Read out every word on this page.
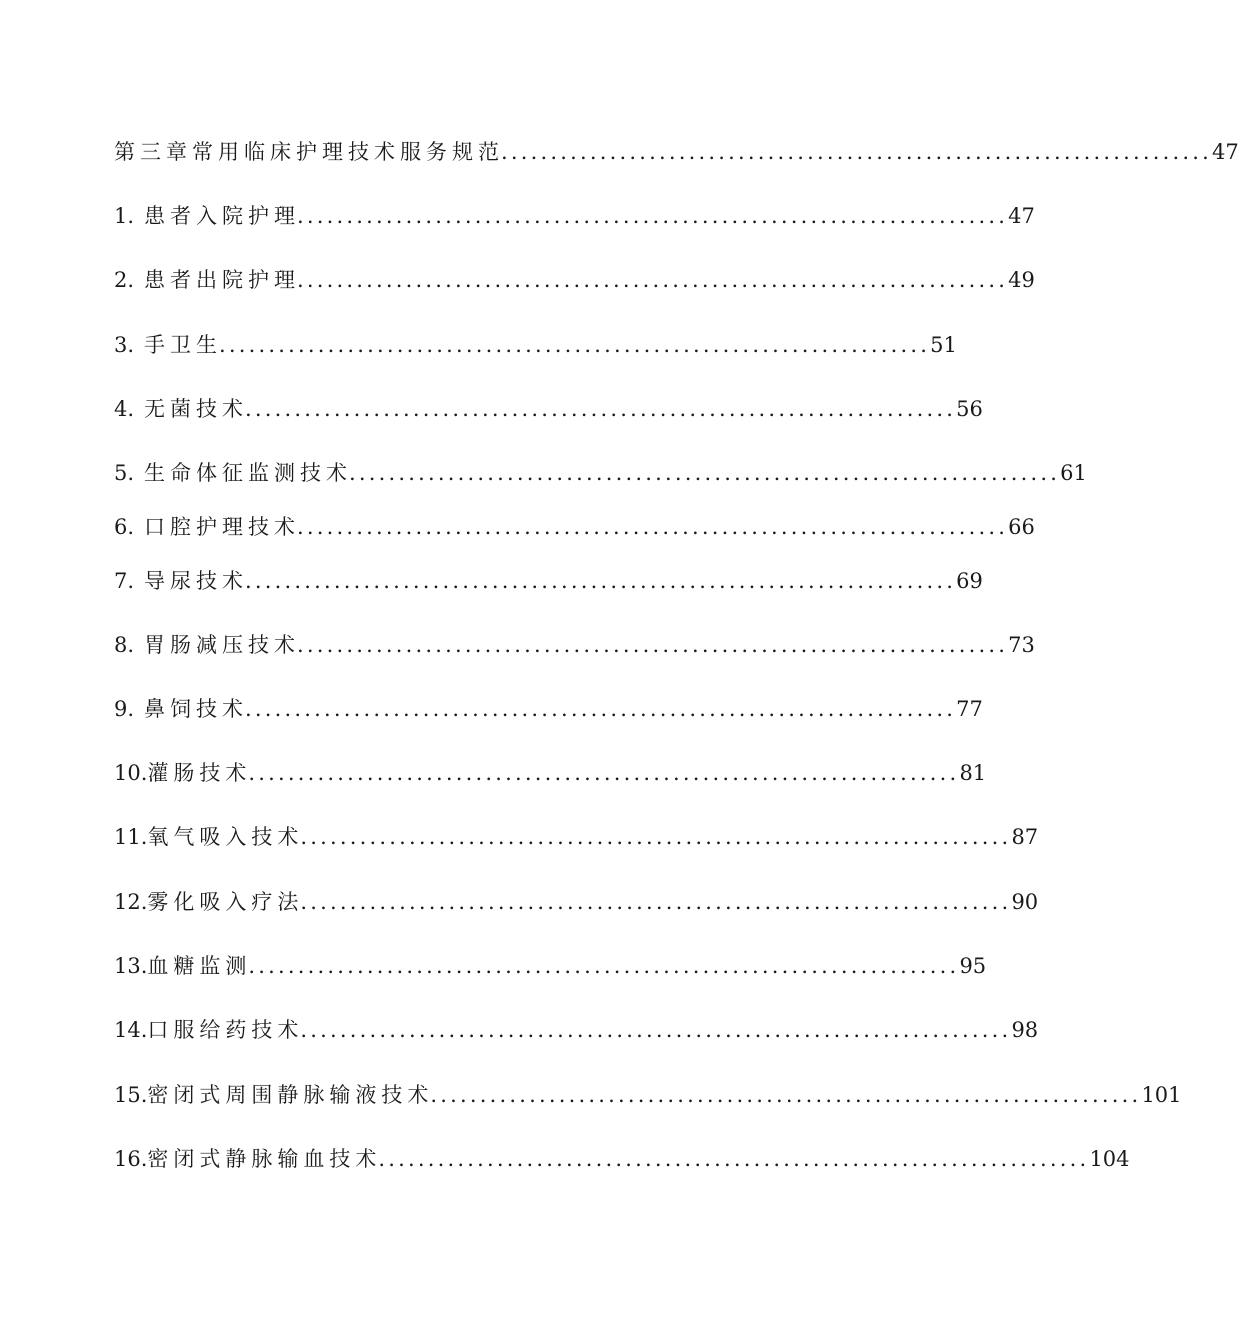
第三章常用临床护理技术服务规范
........................................................................ 47
1. 患者入院护理
........................................................................ 47
2. 患者出院护理
........................................................................ 49
3. 手卫生
........................................................................ 51
4. 无菌技术
........................................................................ 56
5. 生命体征监测技术
........................................................................ 61
6. 口腔护理技术
........................................................................ 66
7. 导尿技术
........................................................................ 69
8. 胃肠减压技术
........................................................................ 73
9. 鼻饲技术
........................................................................ 77
10. 灌肠技术
........................................................................ 81
11. 氧气吸入技术
........................................................................ 87
12. 雾化吸入疗法
........................................................................ 90
13. 血糖监测
........................................................................ 95
14. 口服给药技术
........................................................................ 98
15. 密闭式周围静脉输液技术
........................................................................ 101
16. 密闭式静脉输血技术
........................................................................ 104
